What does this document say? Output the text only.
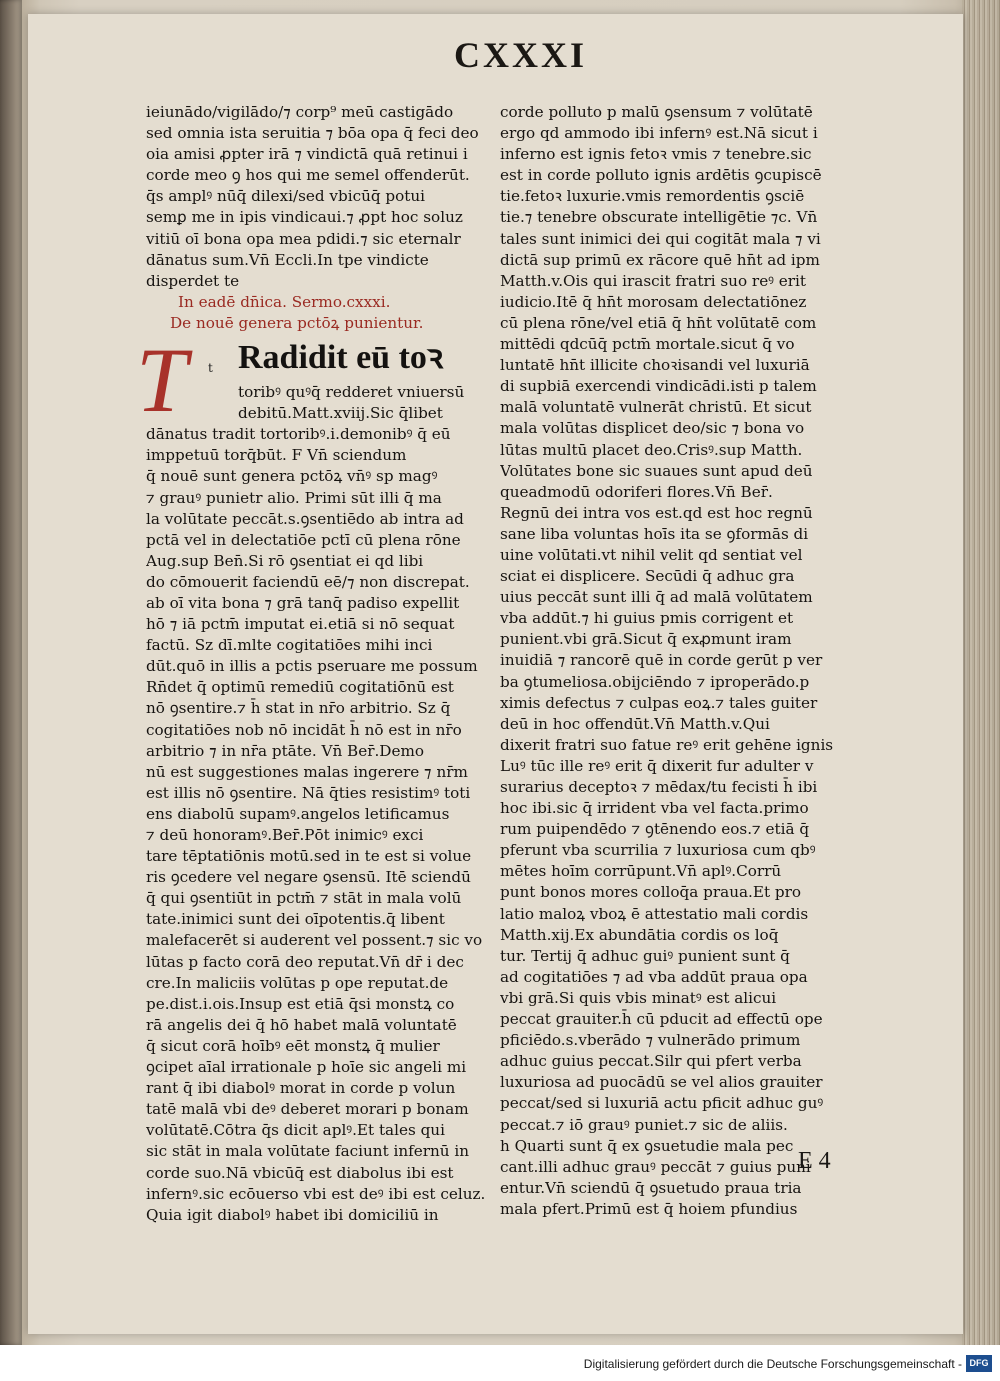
CXXXI
ieiunādo/vigilādo/⁊ corp⁹ meū castigādo
sed omnia ista seruitia ⁊ bōa opa q̄ feci deo
oia amisi ꝓpter irā ⁊ vindictā quā retinui i
corde meo ꝯ hos qui me semel offenderūt.
q̄s amplꝰ nūq̄ dilexi/sed vbicūq̄ potui
semꝑ me in ipis vindicaui.⁊ ꝓpt hoc soluz
vitiū oī bona opa mea pdidi.⁊ sic eternalr
dānatus sum.Vn̄ Eccli.In tpe vindicte
disperdet te
In eadē dn̄ica. Sermo.cxxxi.
De nouē genera pctōꝝ punientur.
T	t Radidit eū toꝛ
toribꝰ quꝰq̄ redderet vniuersū
debitū.Matt.xviij.Sic q̄libet
dānatus tradit tortoribꝰ.i.demonibꝰ q̄ eū
imppetuū torq̄būt. F Vn̄ sciendum
q̄ nouē sunt genera pctōꝝ vn̄ꝰ sp magꝰ
⁊ grauꝰ punietr alio. Primi sūt illi q̄ ma
la volūtate peccāt.s.ꝯsentiēdo ab intra ad
pctā vel in delectatiōe pctī cū plena rōne
Aug.sup Ben̄.Si rō ꝯsentiat ei qd libi
do cōmouerit faciendū eē/⁊ non discrepat.
ab oī vita bona ⁊ grā tanq̄ padiso expellit
hō ⁊ iā pctm̄ imputat ei.etiā si nō sequat
factū. Sz dī.mlte cogitatiōes mihi inci
dūt.quō in illis a pctis pseruare me possum
Rn̄det q̄ optimū remediū cogitatiōnū est
nō ꝯsentire.⁊ h̄ stat in nr̄o arbitrio. Sz q̄
cogitatiōes nob nō incidāt h̄ nō est in nr̄o
arbitrio ⁊ in nr̄a ptāte. Vn̄ Ber̄.Demo
nū est suggestiones malas ingerere ⁊ nr̄m
est illis nō ꝯsentire. Nā q̄ties resistimꝰ toti
ens diabolū supamꝰ.angelos letificamus
⁊ deū honoramꝰ.Ber̄.Pōt inimicꝰ exci
tare tēptatiōnis motū.sed in te est si volue
ris ꝯcedere vel negare ꝯsensū. Itē sciendū
q̄ qui ꝯsentiūt in pctm̄ ⁊ stāt in mala volū
tate.inimici sunt dei oīpotentis.q̄ libent
malefacerēt si auderent vel possent.⁊ sic vo
lūtas p facto corā deo reputat.Vn̄ dr̄ i dec
cre.In maliciis volūtas p ope reputat.de
pe.dist.i.ois.Insup est etiā q̄si monstꝝ co
rā angelis dei q̄ hō habet malā voluntatē
q̄ sicut corā hoībꝰ eēt monstꝝ q̄ mulier
ꝯcipet aīal irrationale p hoīe sic angeli mi
rant q̄ ibi diabolꝰ morat in corde p volun
tatē malā vbi deꝰ deberet morari p bonam
volūtatē.Cōtra q̄s dicit aplꝰ.Et tales qui
sic stāt in mala volūtate faciunt infernū in
corde suo.Nā vbicūq̄ est diabolus ibi est
infernꝰ.sic ecōuerso vbi est deꝰ ibi est celuz.
Quia igit diabolꝰ habet ibi domiciliū in
corde polluto p malū ꝯsensum ⁊ volūtatē
ergo qd ammodo ibi infernꝰ est.Nā sicut i
inferno est ignis fetoꝛ vmis ⁊ tenebre.sic
est in corde polluto ignis ardētis ꝯcupiscē
tie.fetoꝛ luxurie.vmis remordentis ꝯsciē
tie.⁊ tenebre obscurate intelligētie ⁊c. Vn̄
tales sunt inimici dei qui cogitāt mala ⁊ vi
dictā sup primū ex rācore quē hn̄t ad ipm
Matth.v.Ois qui irascit fratri suo reꝰ erit
iudicio.Itē q̄ hn̄t morosam delectatiōnez
cū plena rōne/vel etiā q̄ hn̄t volūtatē com
mittēdi qdcūq̄ pctm̄ mortale.sicut q̄ vo
luntatē hn̄t illicite choꝛisandi vel luxuriā
di supbiā exercendi vindicādi.isti p talem
malā voluntatē vulnerāt christū. Et sicut
mala volūtas displicet deo/sic ⁊ bona vo
lūtas multū placet deo.Crisꝰ.sup Matth.
Volūtates bone sic suaues sunt apud deū
queadmodū odoriferi flores.Vn̄ Ber̄.
Regnū dei intra vos est.qd est hoc regnū
sane liba voluntas hoīs ita se ꝯformās di
uine volūtati.vt nihil velit qd sentiat vel
sciat ei displicere. Secūdi q̄ adhuc gra
uius peccāt sunt illi q̄ ad malā volūtatem
vba addūt.⁊ hi guius pmis corrigent et
punient.vbi grā.Sicut q̄ exꝓmunt iram
inuidiā ⁊ rancorē quē in corde gerūt p ver
ba ꝯtumeliosa.obijciēndo ⁊ iproperādo.p
ximis defectus ⁊ culpas eoꝝ.⁊ tales guiter
deū in hoc offendūt.Vn̄ Matth.v.Qui
dixerit fratri suo fatue reꝰ erit gehēne ignis
Luꝰ tūc ille reꝰ erit q̄ dixerit fur adulter v
surarius deceptoꝛ ⁊ mēdax/tu fecisti h̄ ibi
hoc ibi.sic q̄ irrident vba vel facta.primo
rum puipendēdo ⁊ ꝯtēnendo eos.⁊ etiā q̄
pferunt vba scurrilia ⁊ luxuriosa cum qbꝰ
mētes hoīm corrūpunt.Vn̄ aplꝰ.Corrū
punt bonos mores colloq̄a praua.Et pro
latio maloꝝ vboꝝ ē attestatio mali cordis
Matth.xij.Ex abundātia cordis os loq̄
tur. Tertij q̄ adhuc guiꝰ punient sunt q̄
ad cogitatiōes ⁊ ad vba addūt praua opa
vbi grā.Si quis vbis minatꝰ est alicui
peccat grauiter.h̄ cū pducit ad effectū ope
pficiēdo.s.vberādo ⁊ vulnerādo primum
adhuc guius peccat.Silr qui pfert verba
luxuriosa ad puocādū se vel alios grauiter
peccat/sed si luxuriā actu pficit adhuc guꝰ
peccat.⁊ iō grauꝰ puniet.⁊ sic de aliis.
h Quarti sunt q̄ ex ꝯsuetudie mala pec
cant.illi adhuc grauꝰ peccāt ⁊ guius puni
entur.Vn̄ sciendū q̄ ꝯsuetudo praua tria
mala pfert.Primū est q̄ hoiem pfundius
E 4
Digitalisierung gefördert durch die Deutsche Forschungsgemeinschaft - DFG
